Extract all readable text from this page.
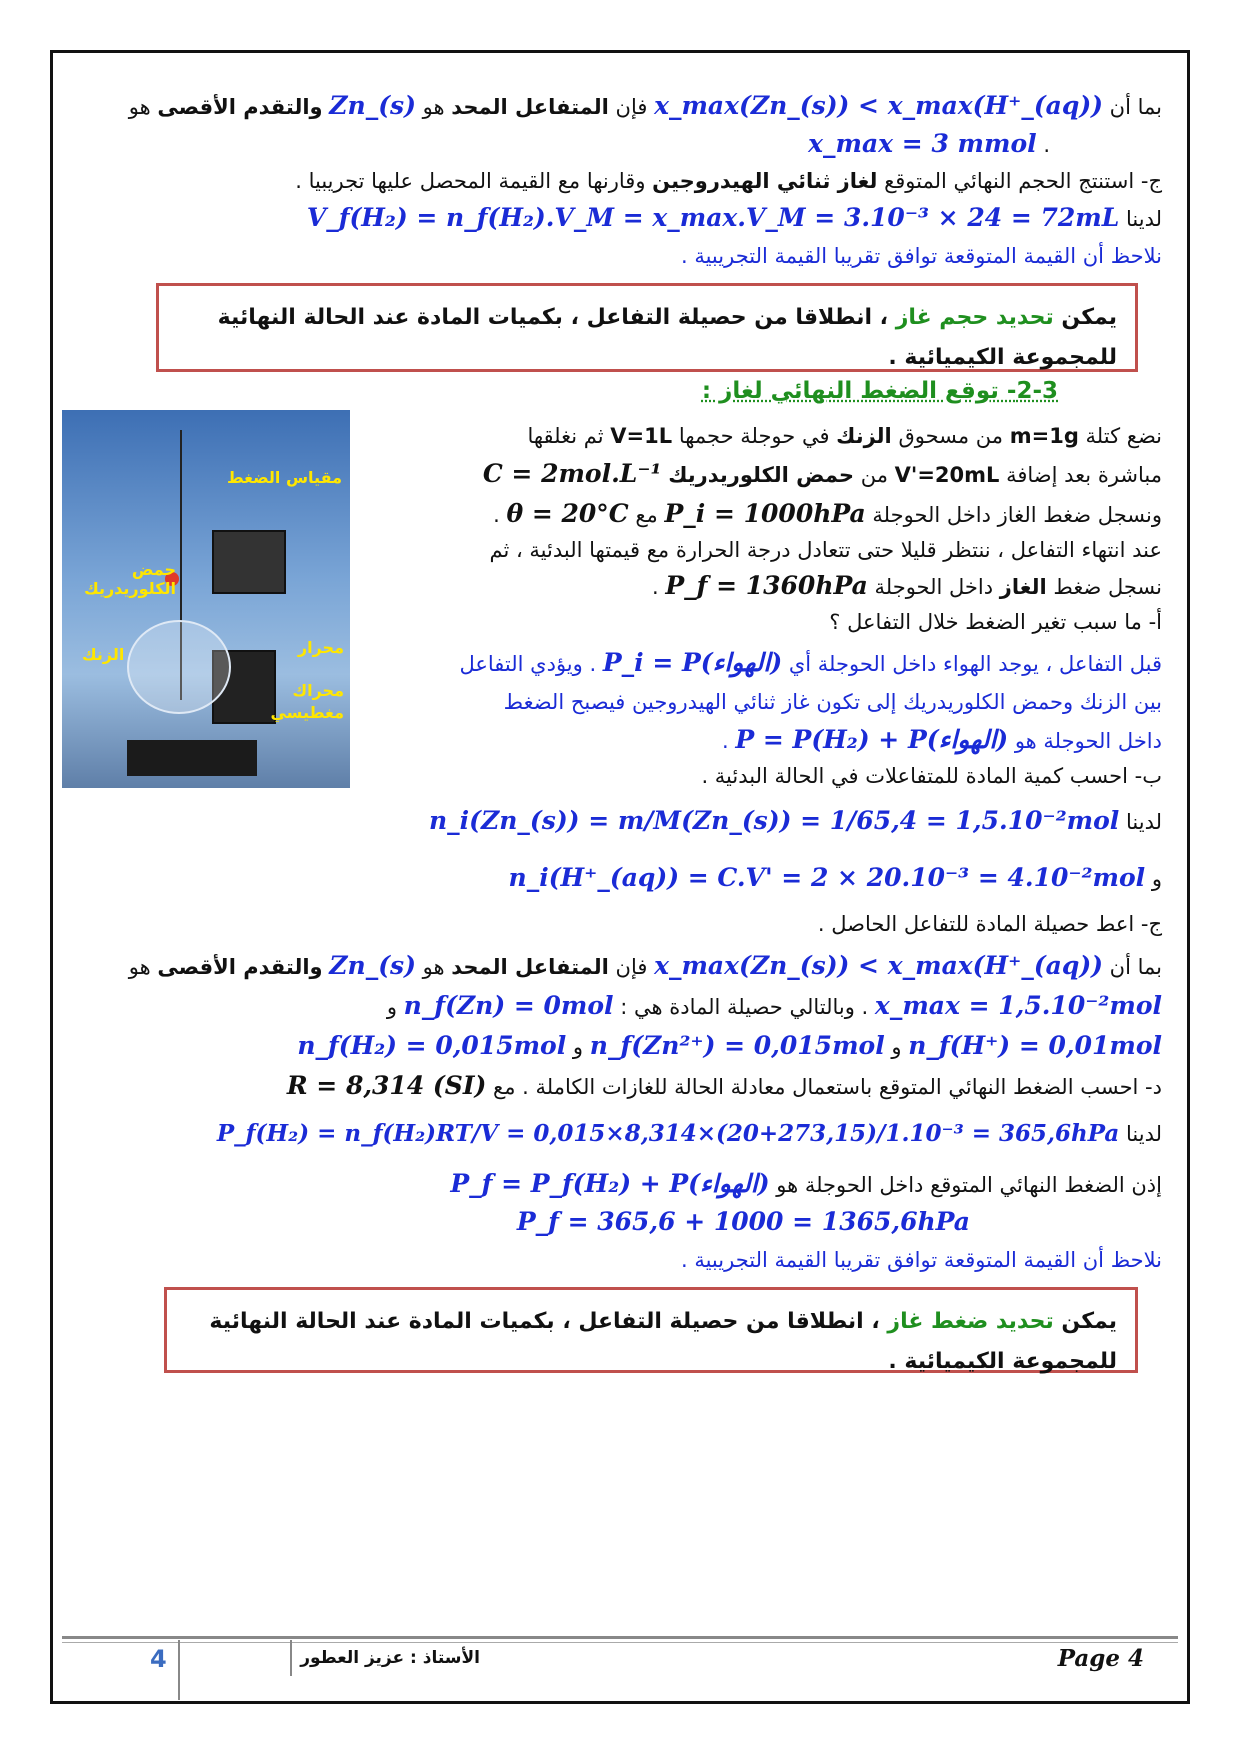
بما أن x_max(Zn_(s)) < x_max(H⁺_(aq)) فإن المتفاعل المحد هو Zn_(s) والتقدم الأقصى هو
. x_max = 3 mmol
ج- استنتج الحجم النهائي المتوقع لغاز ثنائي الهيدروجين وقارنها مع القيمة المحصل عليها تجريبيا .
لدينا V_f(H₂) = n_f(H₂).V_M = x_max.V_M = 3.10⁻³ × 24 = 72mL
نلاحظ أن القيمة المتوقعة توافق تقريبا القيمة التجريبية .
يمكن تحديد حجم غاز ، انطلاقا من حصيلة التفاعل ، بكميات المادة عند الحالة النهائية للمجموعة الكيميائية .
2-3- توقع الضغط النهائي لغاز :
مقياس الضغط
حمض الكلوريدريك
الزنك	محرار
محراك مغطيسي
نضع كتلة m=1g من مسحوق الزنك في حوجلة حجمها V=1L ثم نغلقها
مباشرة بعد إضافة V'=20mL من حمض الكلوريدريك C = 2mol.L⁻¹
ونسجل ضغط الغاز داخل الحوجلة P_i = 1000hPa مع θ = 20°C .
عند انتهاء التفاعل ، ننتظر قليلا حتى تتعادل درجة الحرارة مع قيمتها البدئية ، ثم
نسجل ضغط الغاز داخل الحوجلة P_f = 1360hPa .
أ- ما سبب تغير الضغط خلال التفاعل ؟
قبل التفاعل ، يوجد الهواء داخل الحوجلة أي P_i = P(الهواء) . ويؤدي التفاعل
بين الزنك وحمض الكلوريدريك إلى تكون غاز ثنائي الهيدروجين فيصبح الضغط
داخل الحوجلة هو P = P(H₂) + P(الهواء) .
ب- احسب كمية المادة للمتفاعلات في الحالة البدئية .
لدينا n_i(Zn_(s)) = m/M(Zn_(s)) = 1/65,4 = 1,5.10⁻²mol
و n_i(H⁺_(aq)) = C.V' = 2 × 20.10⁻³ = 4.10⁻²mol
ج- اعط حصيلة المادة للتفاعل الحاصل .
بما أن x_max(Zn_(s)) < x_max(H⁺_(aq)) فإن المتفاعل المحد هو Zn_(s) والتقدم الأقصى هو
x_max = 1,5.10⁻²mol . وبالتالي حصيلة المادة هي : n_f(Zn) = 0mol و
n_f(H⁺) = 0,01mol و n_f(Zn²⁺) = 0,015mol و n_f(H₂) = 0,015mol
د- احسب الضغط النهائي المتوقع باستعمال معادلة الحالة للغازات الكاملة . مع R = 8,314 (SI)
لدينا P_f(H₂) = n_f(H₂)RT/V = 0,015×8,314×(20+273,15)/1.10⁻³ = 365,6hPa
إذن الضغط النهائي المتوقع داخل الحوجلة هو P_f = P_f(H₂) + P(الهواء)
P_f = 365,6 + 1000 = 1365,6hPa
نلاحظ أن القيمة المتوقعة توافق تقريبا القيمة التجريبية .
يمكن تحديد ضغط غاز ، انطلاقا من حصيلة التفاعل ، بكميات المادة عند الحالة النهائية للمجموعة الكيميائية .
4	الأستاذ : عزيز العطور	Page 4
